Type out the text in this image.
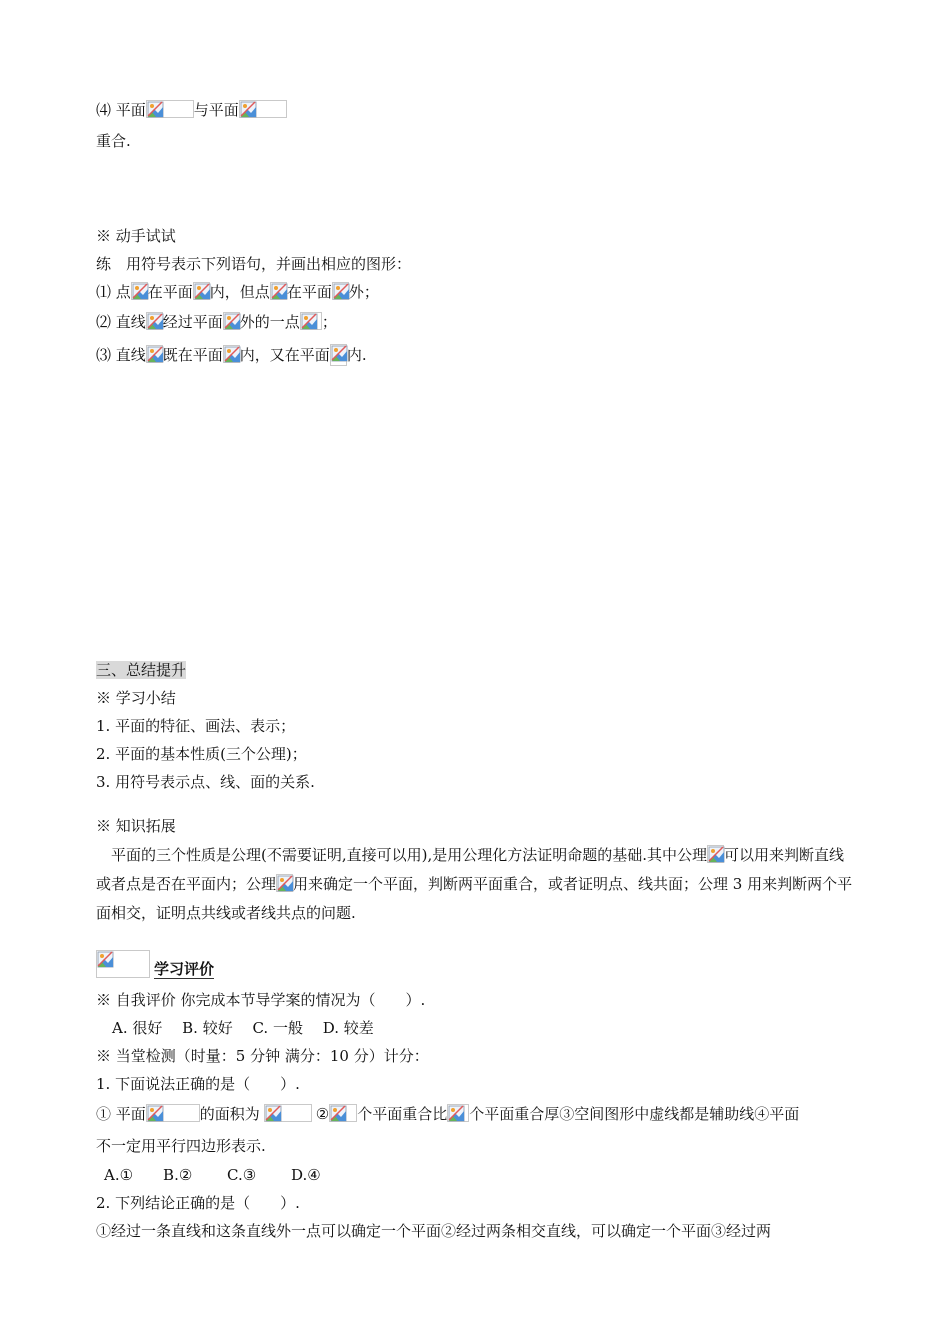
⑷ 平面	与平面
重合.
※ 动手试试
练　用符号表示下列语句，并画出相应的图形：
⑴ 点 在平面 内，但点 在平面 外；
⑵ 直线 经过平面 外的一点 ；
⑶ 直线 既在平面 内，又在平面 内.
三、总结提升
※ 学习小结
1. 平面的特征、画法、表示；
2. 平面的基本性质(三个公理)；
3. 用符号表示点、线、面的关系.
※ 知识拓展
平面的三个性质是公理(不需要证明,直接可以用),是用公理化方法证明命题的基础.其中公理 可以用来判断直线或者点是否在平面内；公理 用来确定一个平面，判断两平面重合，或者证明点、线共面；公理 3 用来判断两个平面相交，证明点共线或者线共点的问题.
学习评价
※ 自我评价 你完成本节导学案的情况为（　　）.
A. 很好　 B. 较好　 C. 一般　 D. 较差
※ 当堂检测（时量：5 分钟 满分：10 分）计分：
1. 下面说法正确的是（　　）.
① 平面	的面积为	② 个平面重合比 个平面重合厚③空间图形中虚线都是辅助线④平面
不一定用平行四边形表示.
A.①　　B.②　　 C.③　　 D.④
2. 下列结论正确的是（　　）.
①经过一条直线和这条直线外一点可以确定一个平面②经过两条相交直线，可以确定一个平面③经过两
